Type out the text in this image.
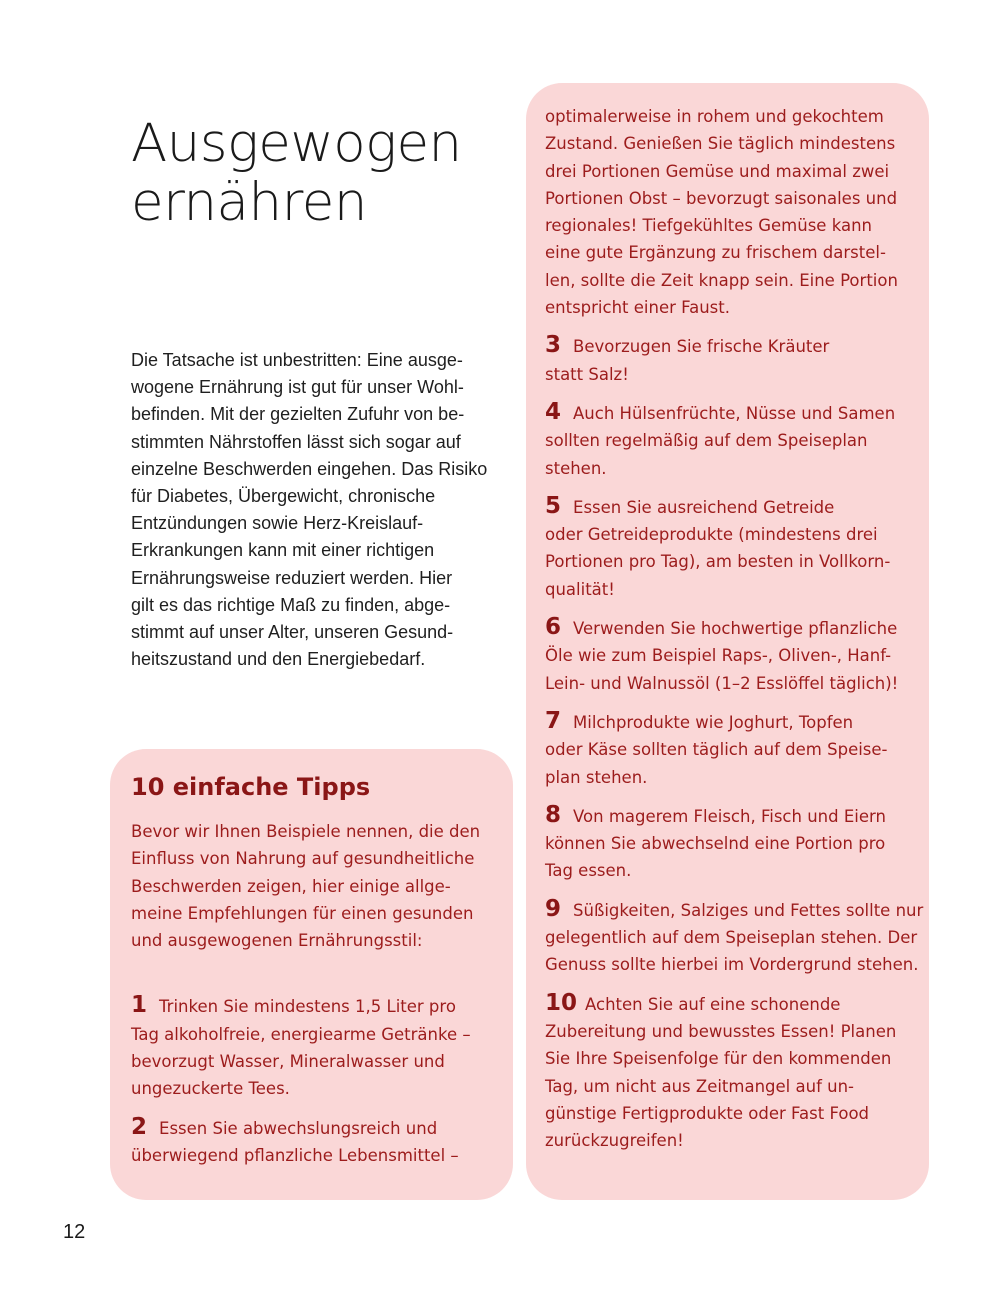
Ausgewogen
ernähren
Die Tatsache ist unbestritten: Eine ausge-
wogene Ernährung ist gut für unser Wohl-
befinden. Mit der gezielten Zufuhr von be-
stimmten Nährstoffen lässt sich sogar auf
einzelne Beschwerden eingehen. Das Risiko
für Diabetes, Übergewicht, chronische
Entzündungen sowie Herz-Kreislauf-
Erkrankungen kann mit einer richtigen
Ernährungsweise reduziert werden. Hier
gilt es das richtige Maß zu finden, abge-
stimmt auf unser Alter, unseren Gesund-
heitszustand und den Energiebedarf.
10 einfache Tipps
Bevor wir Ihnen Beispiele nennen, die den
Einfluss von Nahrung auf gesundheitliche
Beschwerden zeigen, hier einige allge-
meine Empfehlungen für einen gesunden
und ausgewogenen Ernährungsstil:
1 Trinken Sie mindestens 1,5 Liter pro
Tag alkoholfreie, energiearme Getränke –
bevorzugt Wasser, Mineralwasser und
ungezuckerte Tees.
2 Essen Sie abwechslungsreich und
überwiegend pflanzliche Lebensmittel –
optimalerweise in rohem und gekochtem
Zustand. Genießen Sie täglich mindestens
drei Portionen Gemüse und maximal zwei
Portionen Obst – bevorzugt saisonales und
regionales! Tiefgekühltes Gemüse kann
eine gute Ergänzung zu frischem darstel-
len, sollte die Zeit knapp sein. Eine Portion
entspricht einer Faust.
3 Bevorzugen Sie frische Kräuter
statt Salz!
4 Auch Hülsenfrüchte, Nüsse und Samen
sollten regelmäßig auf dem Speiseplan
stehen.
5 Essen Sie ausreichend Getreide
oder Getreideprodukte (mindestens drei
Portionen pro Tag), am besten in Vollkorn-
qualität!
6 Verwenden Sie hochwertige pflanzliche
Öle wie zum Beispiel Raps-, Oliven-, Hanf-
Lein- und Walnussöl (1–2 Esslöffel täglich)!
7 Milchprodukte wie Joghurt, Topfen
oder Käse sollten täglich auf dem Speise-
plan stehen.
8 Von magerem Fleisch, Fisch und Eiern
können Sie abwechselnd eine Portion pro
Tag essen.
9 Süßigkeiten, Salziges und Fettes sollte nur
gelegentlich auf dem Speiseplan stehen. Der
Genuss sollte hierbei im Vordergrund stehen.
10 Achten Sie auf eine schonende
Zubereitung und bewusstes Essen! Planen
Sie Ihre Speisenfolge für den kommenden
Tag, um nicht aus Zeitmangel auf un-
günstige Fertigprodukte oder Fast Food
zurückzugreifen!
12
